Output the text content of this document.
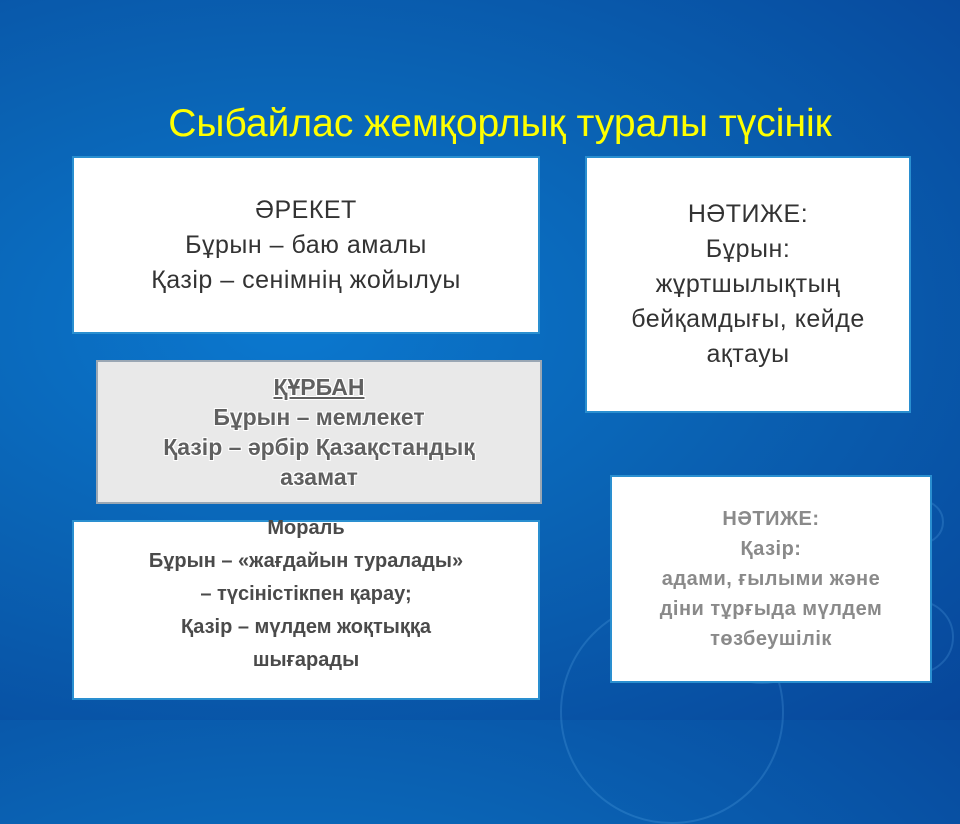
Сыбайлас жемқорлық туралы түсінік
ӘРЕКЕТ
Бұрын – баю амалы
Қазір – сенімнің жойылуы
НӘТИЖЕ:
Бұрын:
жұртшылықтың
бейқамдығы, кейде
ақтауы
ҚҰРБАН
Бұрын – мемлекет
Қазір – әрбір Қазақстандық
азамат
Мораль
Бұрын – «жағдайын туралады»
– түсіністікпен қарау;
Қазір – мүлдем жоқтыққа
шығарады
НӘТИЖЕ:
Қазір:
адами, ғылыми және
діни тұрғыда мүлдем
төзбеушілік
